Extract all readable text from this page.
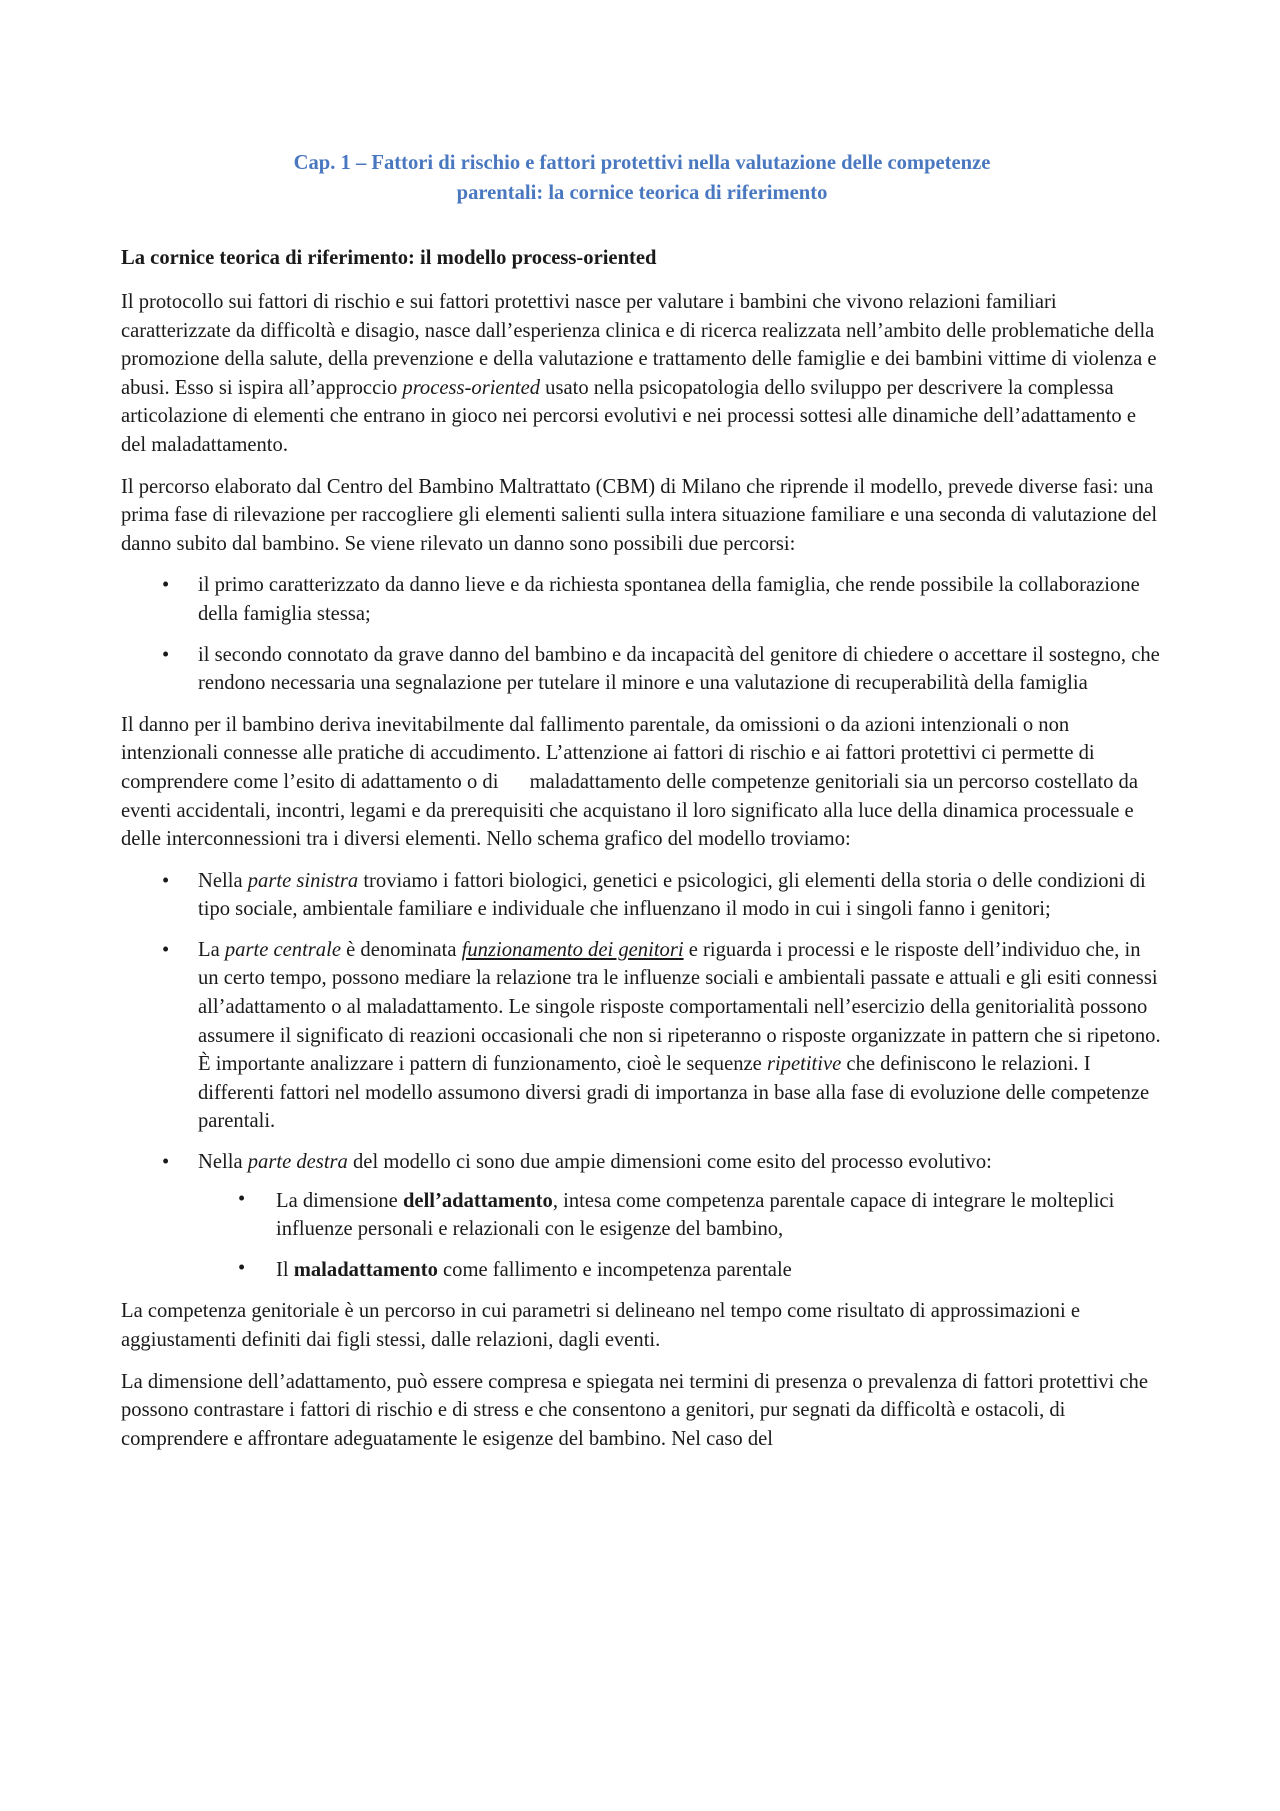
Cap. 1 – Fattori di rischio e fattori protettivi nella valutazione delle competenze
parentali: la cornice teorica di riferimento
La cornice teorica di riferimento: il modello process-oriented

Il protocollo sui fattori di rischio e sui fattori protettivi nasce per valutare i bambini che vivono relazioni familiari caratterizzate da difficoltà e disagio, nasce dall’esperienza clinica e di ricerca realizzata nell’ambito delle problematiche della promozione della salute, della prevenzione e della valutazione e trattamento delle famiglie e dei bambini vittime di violenza e abusi. Esso si ispira all’approccio process-oriented usato nella psicopatologia dello sviluppo per descrivere la complessa articolazione di elementi che entrano in gioco nei percorsi evolutivi e nei processi sottesi alle dinamiche dell’adattamento e del maladattamento.

Il percorso elaborato dal Centro del Bambino Maltrattato (CBM) di Milano che riprende il modello, prevede diverse fasi: una prima fase di rilevazione per raccogliere gli elementi salienti sulla intera situazione familiare e una seconda di valutazione del danno subito dal bambino. Se viene rilevato un danno sono possibili due percorsi:

• il primo caratterizzato da danno lieve e da richiesta spontanea della famiglia, che rende possibile la collaborazione della famiglia stessa;
• il secondo connotato da grave danno del bambino e da incapacità del genitore di chiedere o accettare il sostegno, che rendono necessaria una segnalazione per tutelare il minore e una valutazione di recuperabilità della famiglia

Il danno per il bambino deriva inevitabilmente dal fallimento parentale, da omissioni o da azioni intenzionali o non intenzionali connesse alle pratiche di accudimento. L’attenzione ai fattori di rischio e ai fattori protettivi ci permette di comprendere come l’esito di adattamento o di maladattamento delle competenze genitoriali sia un percorso costellato da eventi accidentali, incontri, legami e da prerequisiti che acquistano il loro significato alla luce della dinamica processuale e delle interconnessioni tra i diversi elementi. Nello schema grafico del modello troviamo:

• Nella parte sinistra troviamo i fattori biologici, genetici e psicologici, gli elementi della storia o delle condizioni di tipo sociale, ambientale familiare e individuale che influenzano il modo in cui i singoli fanno i genitori;
• La parte centrale è denominata funzionamento dei genitori e riguarda i processi e le risposte dell’individuo che, in un certo tempo, possono mediare la relazione tra le influenze sociali e ambientali passate e attuali e gli esiti connessi all’adattamento o al maladattamento. Le singole risposte comportamentali nell’esercizio della genitorialità possono assumere il significato di reazioni occasionali che non si ripeteranno o risposte organizzate in pattern che si ripetono. È importante analizzare i pattern di funzionamento, cioè le sequenze ripetitive che definiscono le relazioni. I differenti fattori nel modello assumono diversi gradi di importanza in base alla fase di evoluzione delle competenze parentali.
• Nella parte destra del modello ci sono due ampie dimensioni come esito del processo evolutivo:
• La dimensione dell’adattamento, intesa come competenza parentale capace di integrare le molteplici influenze personali e relazionali con le esigenze del bambino,
• Il maladattamento come fallimento e incompetenza parentale

La competenza genitoriale è un percorso in cui parametri si delineano nel tempo come risultato di approssimazioni e aggiustamenti definiti dai figli stessi, dalle relazioni, dagli eventi.

La dimensione dell’adattamento, può essere compresa e spiegata nei termini di presenza o prevalenza di fattori protettivi che possono contrastare i fattori di rischio e di stress e che consentono a genitori, pur segnati da difficoltà e ostacoli, di comprendere e affrontare adeguatamente le esigenze del bambino. Nel caso del
